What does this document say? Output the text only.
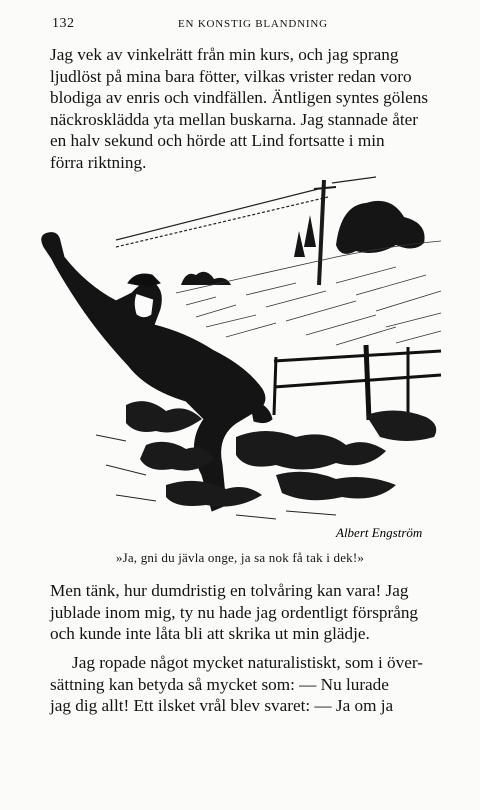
132	EN KONSTIG BLANDNING
Jag vek av vinkelrätt från min kurs, och jag sprang
ljudlöst på mina bara fötter, vilkas vrister redan voro
blodiga av enris och vindfällen. Äntligen syntes gölens
näckroskläddа yta mellan buskarna. Jag stannade åter
en halv sekund och hörde att Lind fortsatte i min
förra riktning.
Albert Engström
»Ja, gni du jävla onge, ja sa nok få tak i dek!»
Men tänk, hur dumdristig en tolvåring kan vara! Jag
jublade inom mig, ty nu hade jag ordentligt försprång
och kunde inte låta bli att skrika ut min glädje.
Jag ropade något mycket naturalistiskt, som i över-
sättning kan betyda så mycket som: — Nu lurade
jag dig allt! Ett ilsket vrål blev svaret: — Ja om ja
